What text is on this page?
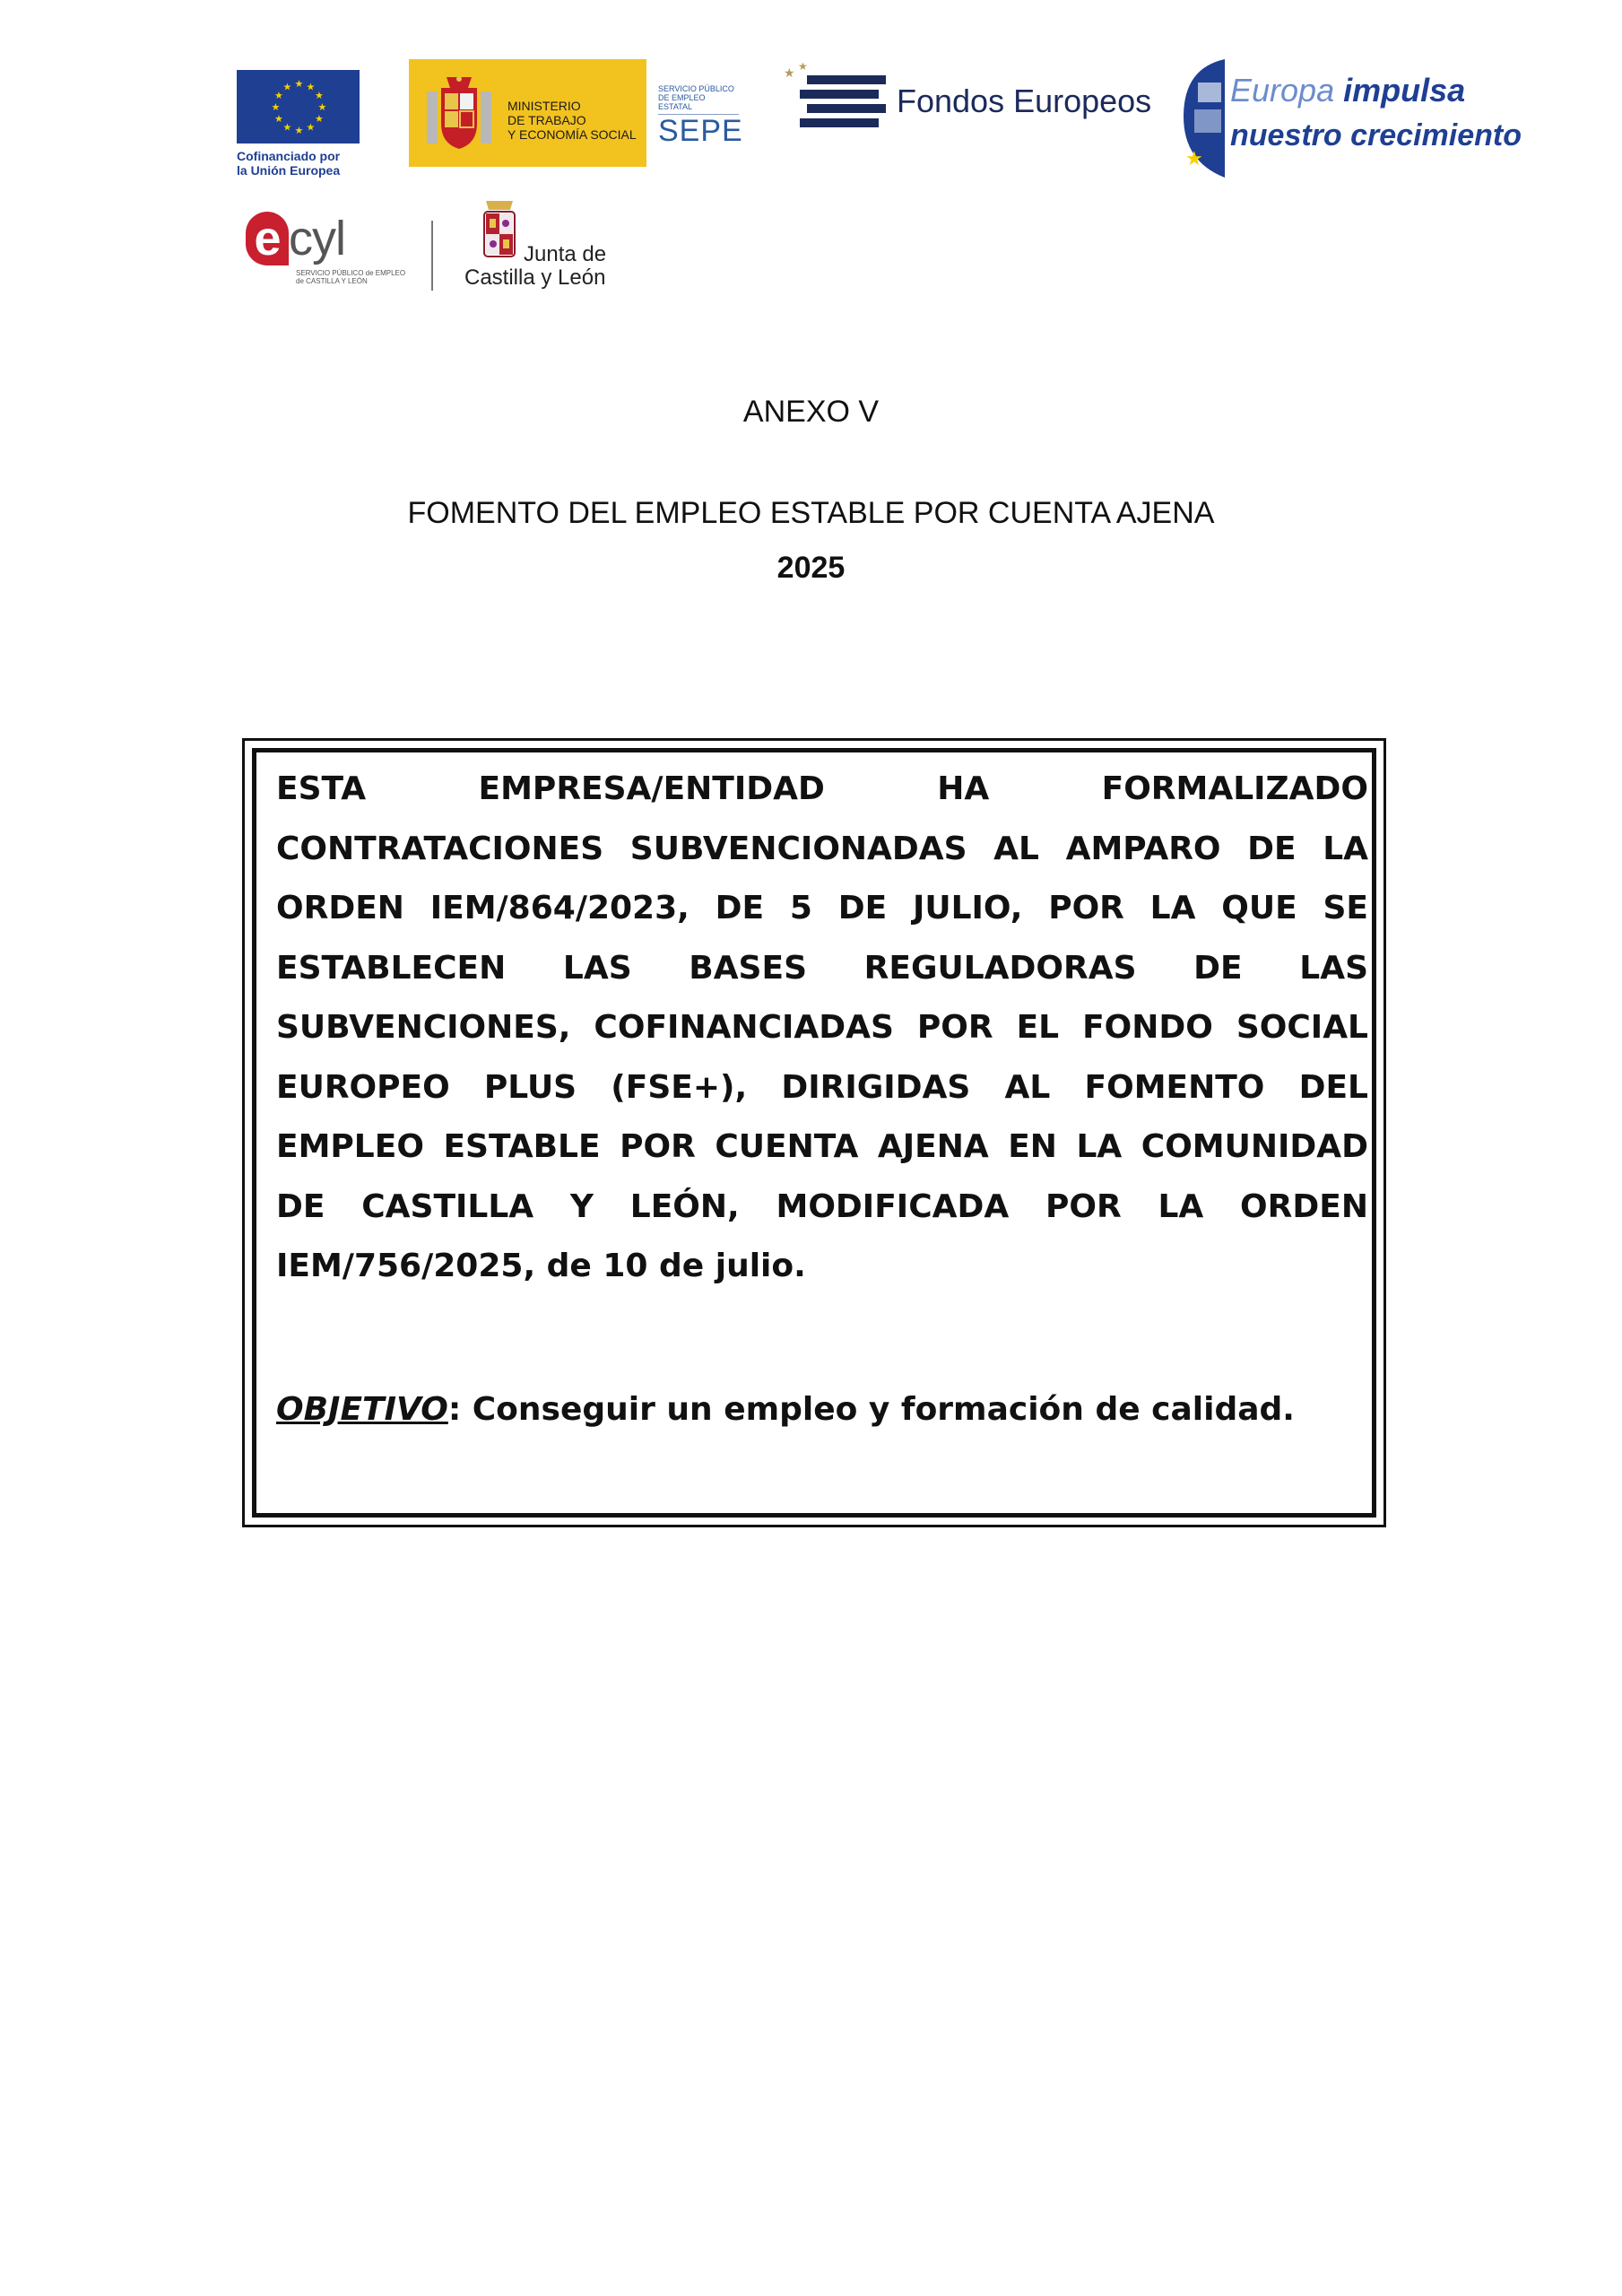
★ ★
★
★
★
★
★
★
★
★
★
★
Cofinanciado por
la Unión Europea
MINISTERIO
DE TRABAJO
Y ECONOMÍA SOCIAL
SERVICIO PÚBLICO
DE EMPLEO ESTATAL
SEPE
★ ★
Fondos Europeos
★
Europa impulsa
nuestro crecimiento
e cyl
SERVICIO PÚBLICO de EMPLEO
de CASTILLA Y LEÓN
Junta de
Castilla y León
ANEXO V
FOMENTO DEL EMPLEO ESTABLE POR CUENTA AJENA
2025

ESTA EMPRESA/ENTIDAD HA FORMALIZADO CONTRATACIONES SUBVENCIONADAS AL AMPARO DE LA ORDEN IEM/864/2023, DE 5 DE JULIO, POR LA QUE SE ESTABLECEN LAS BASES REGULADORAS DE LAS SUBVENCIONES, COFINANCIADAS POR EL FONDO SOCIAL EUROPEO PLUS (FSE+), DIRIGIDAS AL FOMENTO DEL EMPLEO ESTABLE POR CUENTA AJENA EN LA COMUNIDAD DE CASTILLA Y LEÓN, MODIFICADA POR LA ORDEN IEM/756/2025, de 10 de julio.

OBJETIVO: Conseguir un empleo y formación de calidad.
